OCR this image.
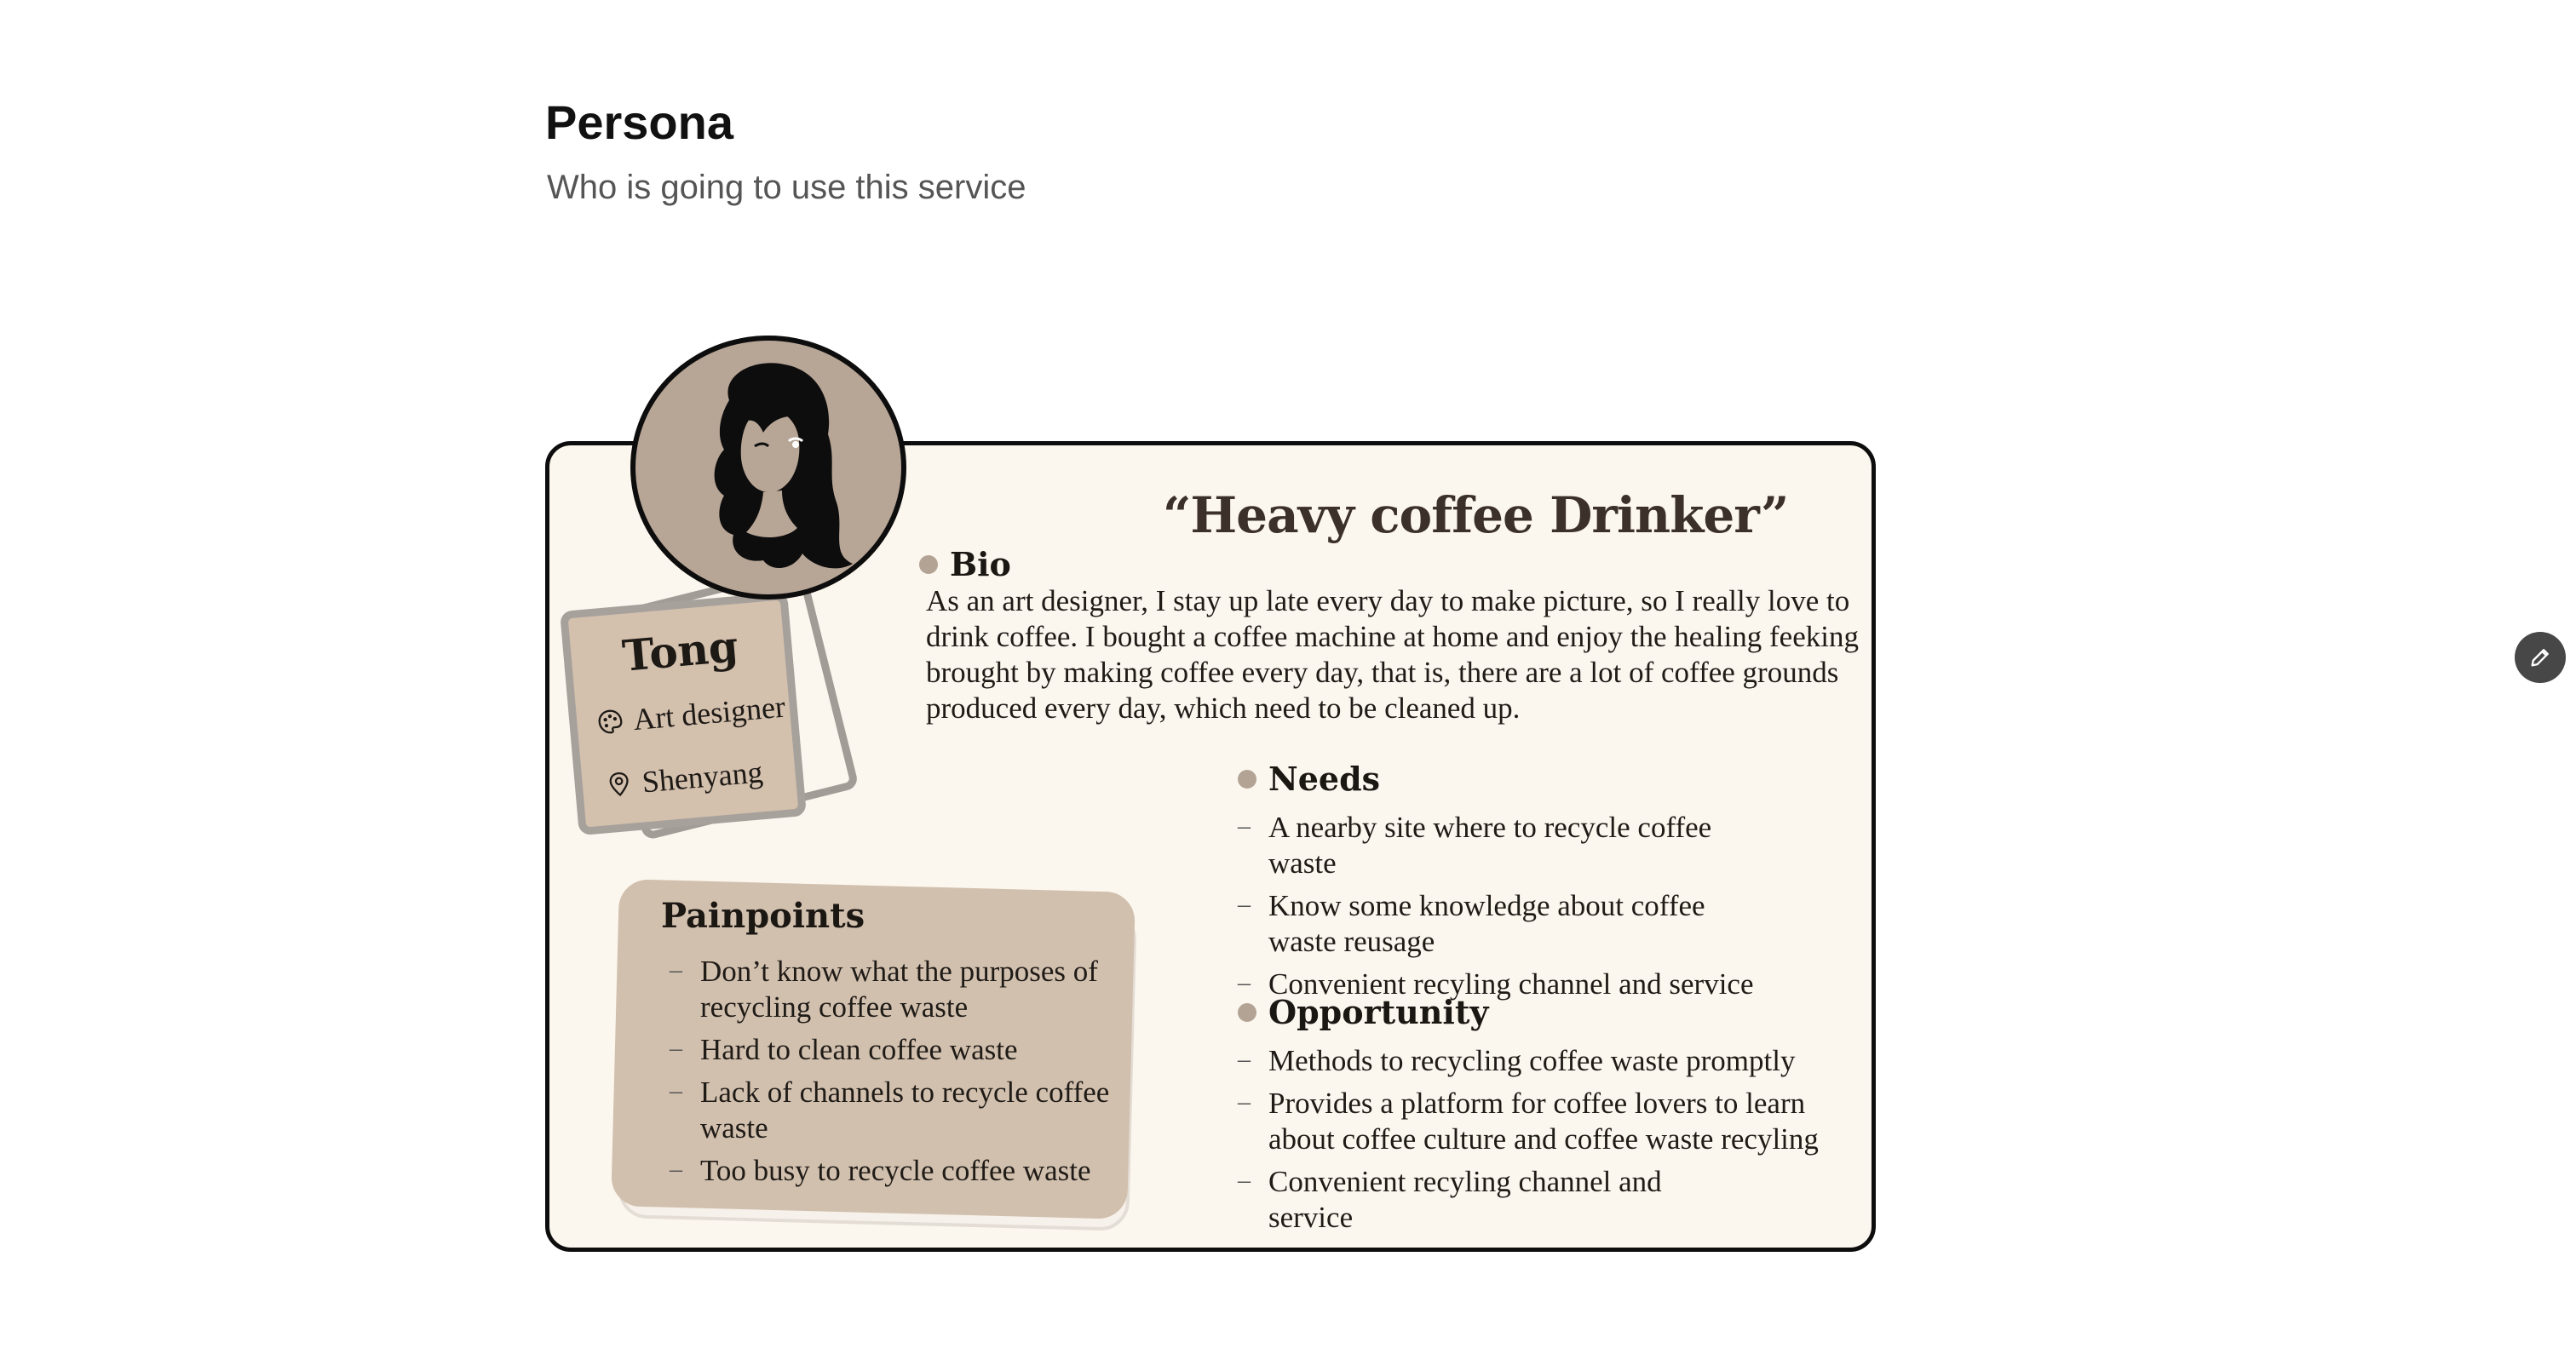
Persona

Who is going to use this service

“Heavy coffee Drinker”
Bio
As an art designer, I stay up late every day to make picture, so I really love to drink coffee. I bought a coffee machine at home and enjoy the healing feeking brought by making coffee every day, that is, there are a lot of coffee grounds produced every day, which need to be cleaned up.
Needs
– A nearby site where to recycle coffee waste
– Know some knowledge about coffee waste reusage
– Convenient recyling channel and service
Opportunity
– Methods to recycling coffee waste promptly
– Provides a platform for coffee lovers to learn about coffee culture and coffee waste recyling
– Convenient recyling channel and service
Painpoints
– Don’t know what the purposes of recycling coffee waste
– Hard to clean coffee waste
– Lack of channels to recycle coffee waste
– Too busy to recycle coffee waste
Tong
Art designer
Shenyang
